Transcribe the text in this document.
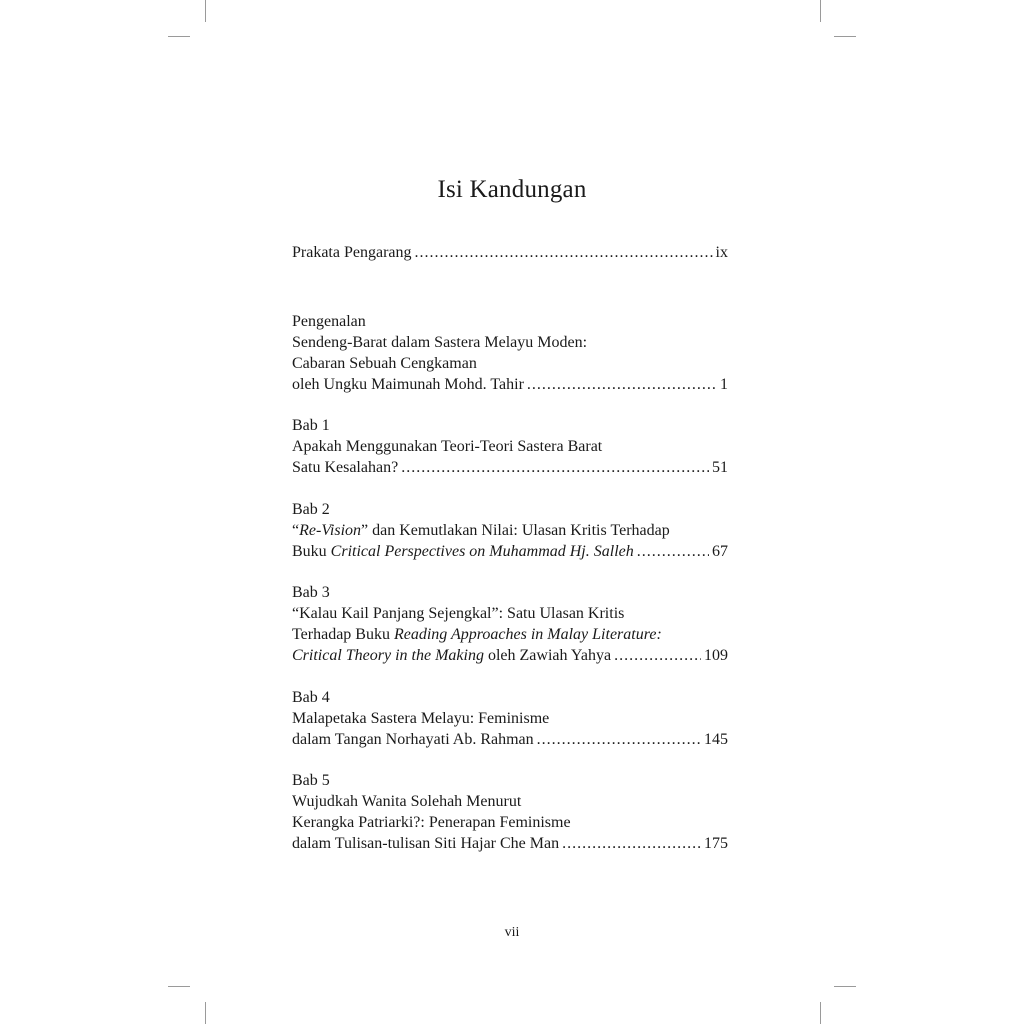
Isi Kandungan
Prakata Pengarang .....	ix
Pengenalan
Sendeng-Barat dalam Sastera Melayu Moden:
Cabaran Sebuah Cengkaman
oleh Ungku Maimunah Mohd. Tahir .....	1
Bab 1
Apakah Menggunakan Teori-Teori Sastera Barat
Satu Kesalahan? .....	51
Bab 2
“Re-Vision” dan Kemutlakan Nilai: Ulasan Kritis Terhadap
Buku Critical Perspectives on Muhammad Hj. Salleh .....	67
Bab 3
“Kalau Kail Panjang Sejengkal”: Satu Ulasan Kritis
Terhadap Buku Reading Approaches in Malay Literature:
Critical Theory in the Making oleh Zawiah Yahya .....	109
Bab 4
Malapetaka Sastera Melayu: Feminisme
dalam Tangan Norhayati Ab. Rahman .....	145
Bab 5
Wujudkah Wanita Solehah Menurut
Kerangka Patriarki?: Penerapan Feminisme
dalam Tulisan-tulisan Siti Hajar Che Man .....	175
vii
